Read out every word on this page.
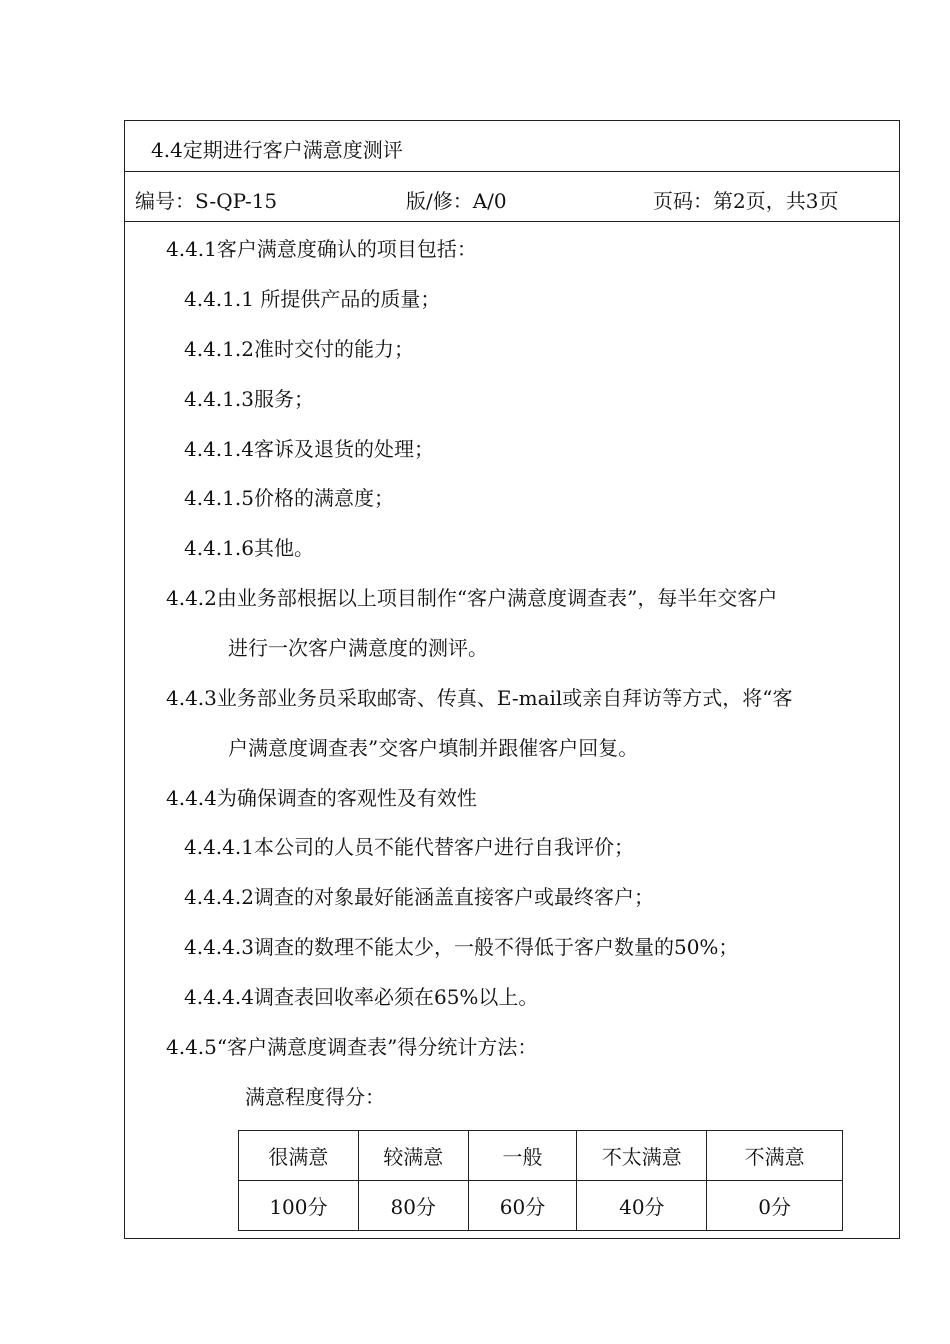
4.4定期进行客户满意度测评
编号：S-QP-15	版/修：A/0	页码：第2页，共3页
4.4.1客户满意度确认的项目包括：
4.4.1.1 所提供产品的质量；
4.4.1.2准时交付的能力；
4.4.1.3服务；
4.4.1.4客诉及退货的处理；
4.4.1.5价格的满意度；
4.4.1.6其他。
4.4.2由业务部根据以上项目制作“客户满意度调查表”，每半年交客户
进行一次客户满意度的测评。
4.4.3业务部业务员采取邮寄、传真、E-mail或亲自拜访等方式，将“客
户满意度调查表”交客户填制并跟催客户回复。
4.4.4为确保调查的客观性及有效性
4.4.4.1本公司的人员不能代替客户进行自我评价；
4.4.4.2调查的对象最好能涵盖直接客户或最终客户；
4.4.4.3调查的数理不能太少，一般不得低于客户数量的50%；
4.4.4.4调查表回收率必须在65%以上。
4.4.5“客户满意度调查表”得分统计方法：
满意程度得分：
很满意	较满意	一般	不太满意	不满意
100分	80分	60分	40分	0分
